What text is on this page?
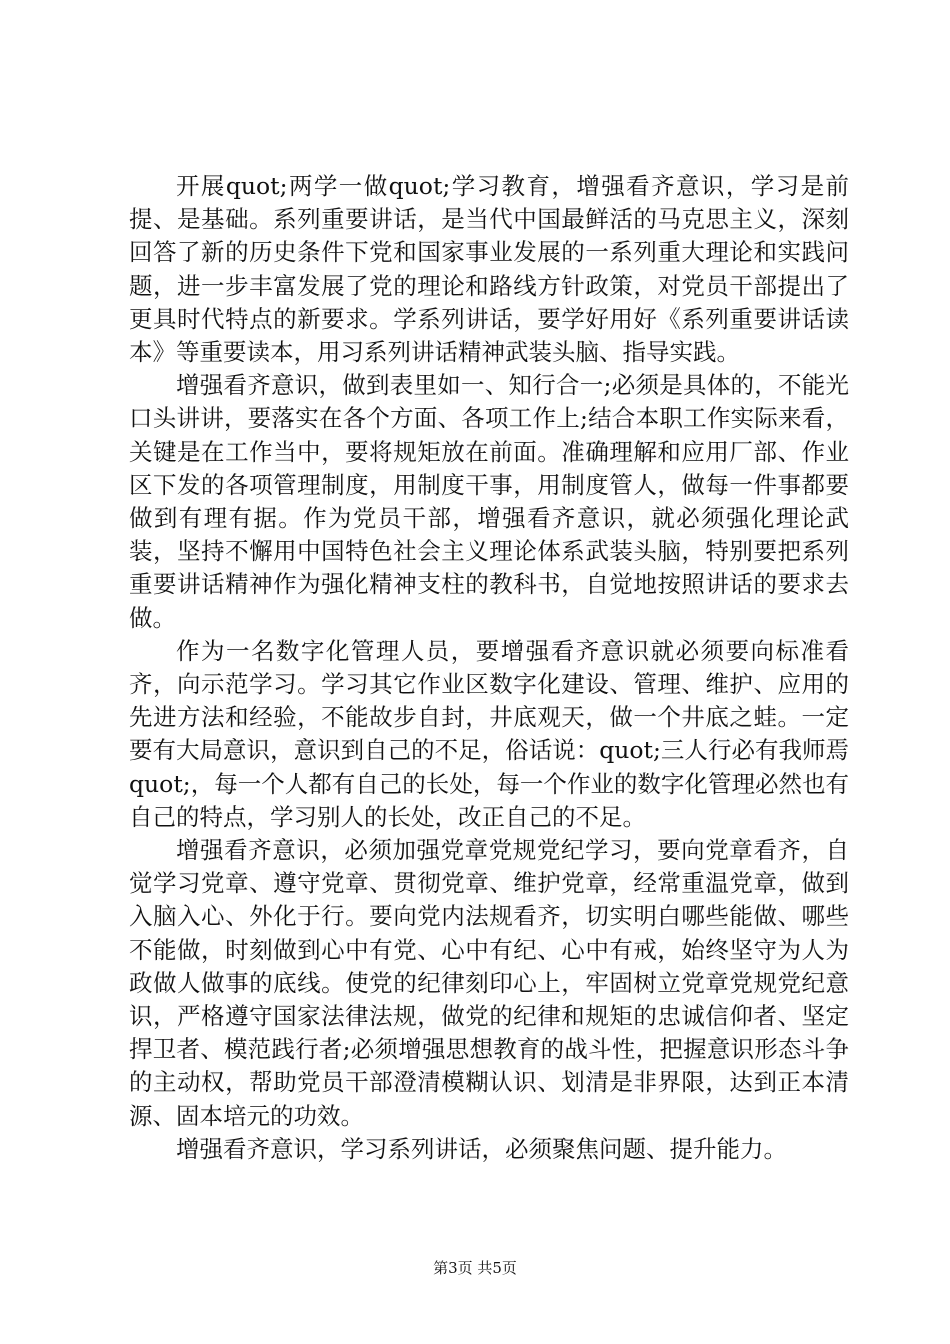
开展quot;两学一做quot;学习教育，增强看齐意识，学习是前提、是基础。系列重要讲话，是当代中国最鲜活的马克思主义，深刻回答了新的历史条件下党和国家事业发展的一系列重大理论和实践问题，进一步丰富发展了党的理论和路线方针政策，对党员干部提出了更具时代特点的新要求。学系列讲话，要学好用好《系列重要讲话读本》等重要读本，用习系列讲话精神武装头脑、指导实践。

增强看齐意识，做到表里如一、知行合一;必须是具体的，不能光口头讲讲，要落实在各个方面、各项工作上;结合本职工作实际来看，关键是在工作当中，要将规矩放在前面。准确理解和应用厂部、作业区下发的各项管理制度，用制度干事，用制度管人，做每一件事都要做到有理有据。作为党员干部，增强看齐意识，就必须强化理论武装，坚持不懈用中国特色社会主义理论体系武装头脑，特别要把系列重要讲话精神作为强化精神支柱的教科书，自觉地按照讲话的要求去做。

作为一名数字化管理人员，要增强看齐意识就必须要向标准看齐，向示范学习。学习其它作业区数字化建设、管理、维护、应用的先进方法和经验，不能故步自封，井底观天，做一个井底之蛙。一定要有大局意识，意识到自己的不足，俗话说：quot;三人行必有我师焉quot;，每一个人都有自己的长处，每一个作业的数字化管理必然也有自己的特点，学习别人的长处，改正自己的不足。

增强看齐意识，必须加强党章党规党纪学习，要向党章看齐，自觉学习党章、遵守党章、贯彻党章、维护党章，经常重温党章，做到入脑入心、外化于行。要向党内法规看齐，切实明白哪些能做、哪些不能做，时刻做到心中有党、心中有纪、心中有戒，始终坚守为人为政做人做事的底线。使党的纪律刻印心上，牢固树立党章党规党纪意识，严格遵守国家法律法规，做党的纪律和规矩的忠诚信仰者、坚定捍卫者、模范践行者;必须增强思想教育的战斗性，把握意识形态斗争的主动权，帮助党员干部澄清模糊认识、划清是非界限，达到正本清源、固本培元的功效。

增强看齐意识，学习系列讲话，必须聚焦问题、提升能力。

第3页 共5页
